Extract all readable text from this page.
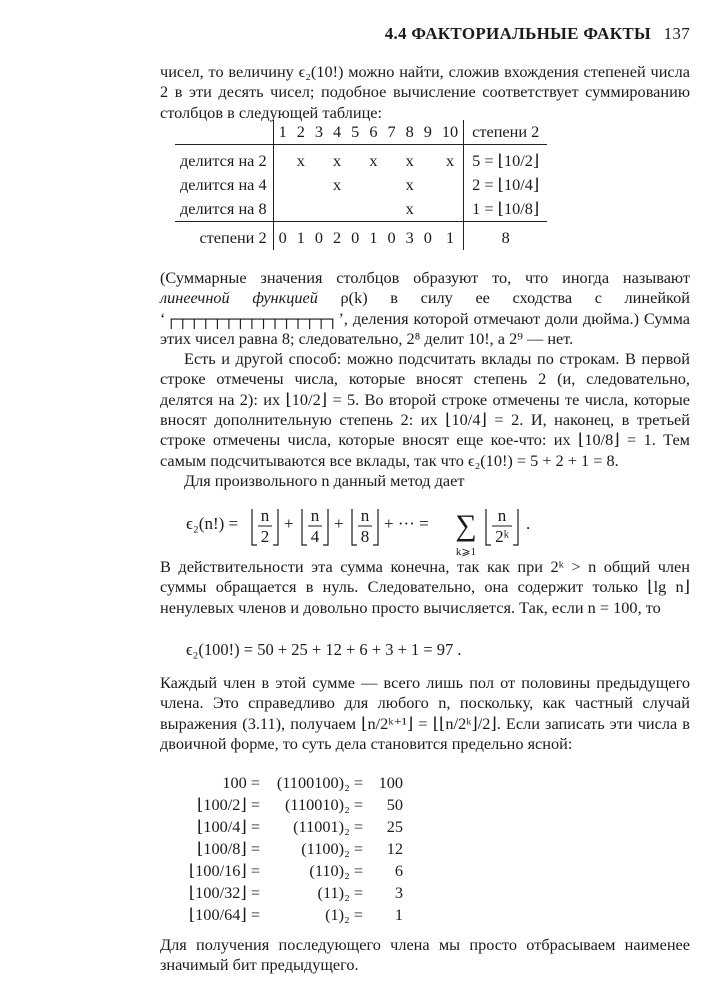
4.4 ФАКТОРИАЛЬНЫЕ ФАКТЫ 137

чисел, то величину ϵ₂(10!) можно найти, сложив вхождения степеней числа 2 в эти десять чисел; подобное вычисление соответствует суммированию столбцов в следующей таблице:

	1	2	3	4	5	6	7	8	9	10	степени 2

делится на 2		x		x		x		x		x	5 = ⌊10/2⌋
делится на 4				x				x			2 = ⌊10/4⌋
делится на 8								x			1 = ⌊10/8⌋

степени 2	0	1	0	2	0	1	0	3	0	1	8

(Суммарные значения столбцов образуют то, что иногда называют линеечной функцией ρ(k) в силу ее сходства с линейкой ‘┌┬┬┬┬┬┬┬┬┬┬┬┬┬┐’, деления которой отмечают доли дюйма.) Сумма этих чисел равна 8; следовательно, 2⁸ делит 10!, а 2⁹ — нет.

Есть и другой способ: можно подсчитать вклады по строкам. В первой строке отмечены числа, которые вносят степень 2 (и, следовательно, делятся на 2): их ⌊10/2⌋ = 5. Во второй строке отмечены те числа, которые вносят дополнительную степень 2: их ⌊10/4⌋ = 2. И, наконец, в третьей строке отмечены числа, которые вносят еще кое-что: их ⌊10/8⌋ = 1. Тем самым подсчитываются все вклады, так что ϵ₂(10!) = 5 + 2 + 1 = 8.

Для произвольного n данный метод дает

ϵ₂(n!) = n
2
+ n
4
+ n
8
+ ··· = ∑
k⩾1
n
2ᵏ
.

В действительности эта сумма конечна, так как при 2ᵏ > n общий член суммы обращается в нуль. Следовательно, она содержит только ⌊lg n⌋ ненулевых членов и довольно просто вычисляется. Так, если n = 100, то

ϵ₂(100!) = 50 + 25 + 12 + 6 + 3 + 1 = 97 .

Каждый член в этой сумме — всего лишь пол от половины предыдущего члена. Это справедливо для любого n, поскольку, как частный случай выражения (3.11), получаем ⌊n/2ᵏ⁺¹⌋ = ⌊⌊n/2ᵏ⌋/2⌋. Если записать эти числа в двоичной форме, то суть дела становится предельно ясной:

100 =	(1100100)₂ =	100
⌊100/2⌋ =	(110010)₂ =	50
⌊100/4⌋ =	(11001)₂ =	25
⌊100/8⌋ =	(1100)₂ =	12
⌊100/16⌋ =	(110)₂ =	6
⌊100/32⌋ =	(11)₂ =	3
⌊100/64⌋ =	(1)₂ =	1

Для получения последующего члена мы просто отбрасываем наименее значимый бит предыдущего.
